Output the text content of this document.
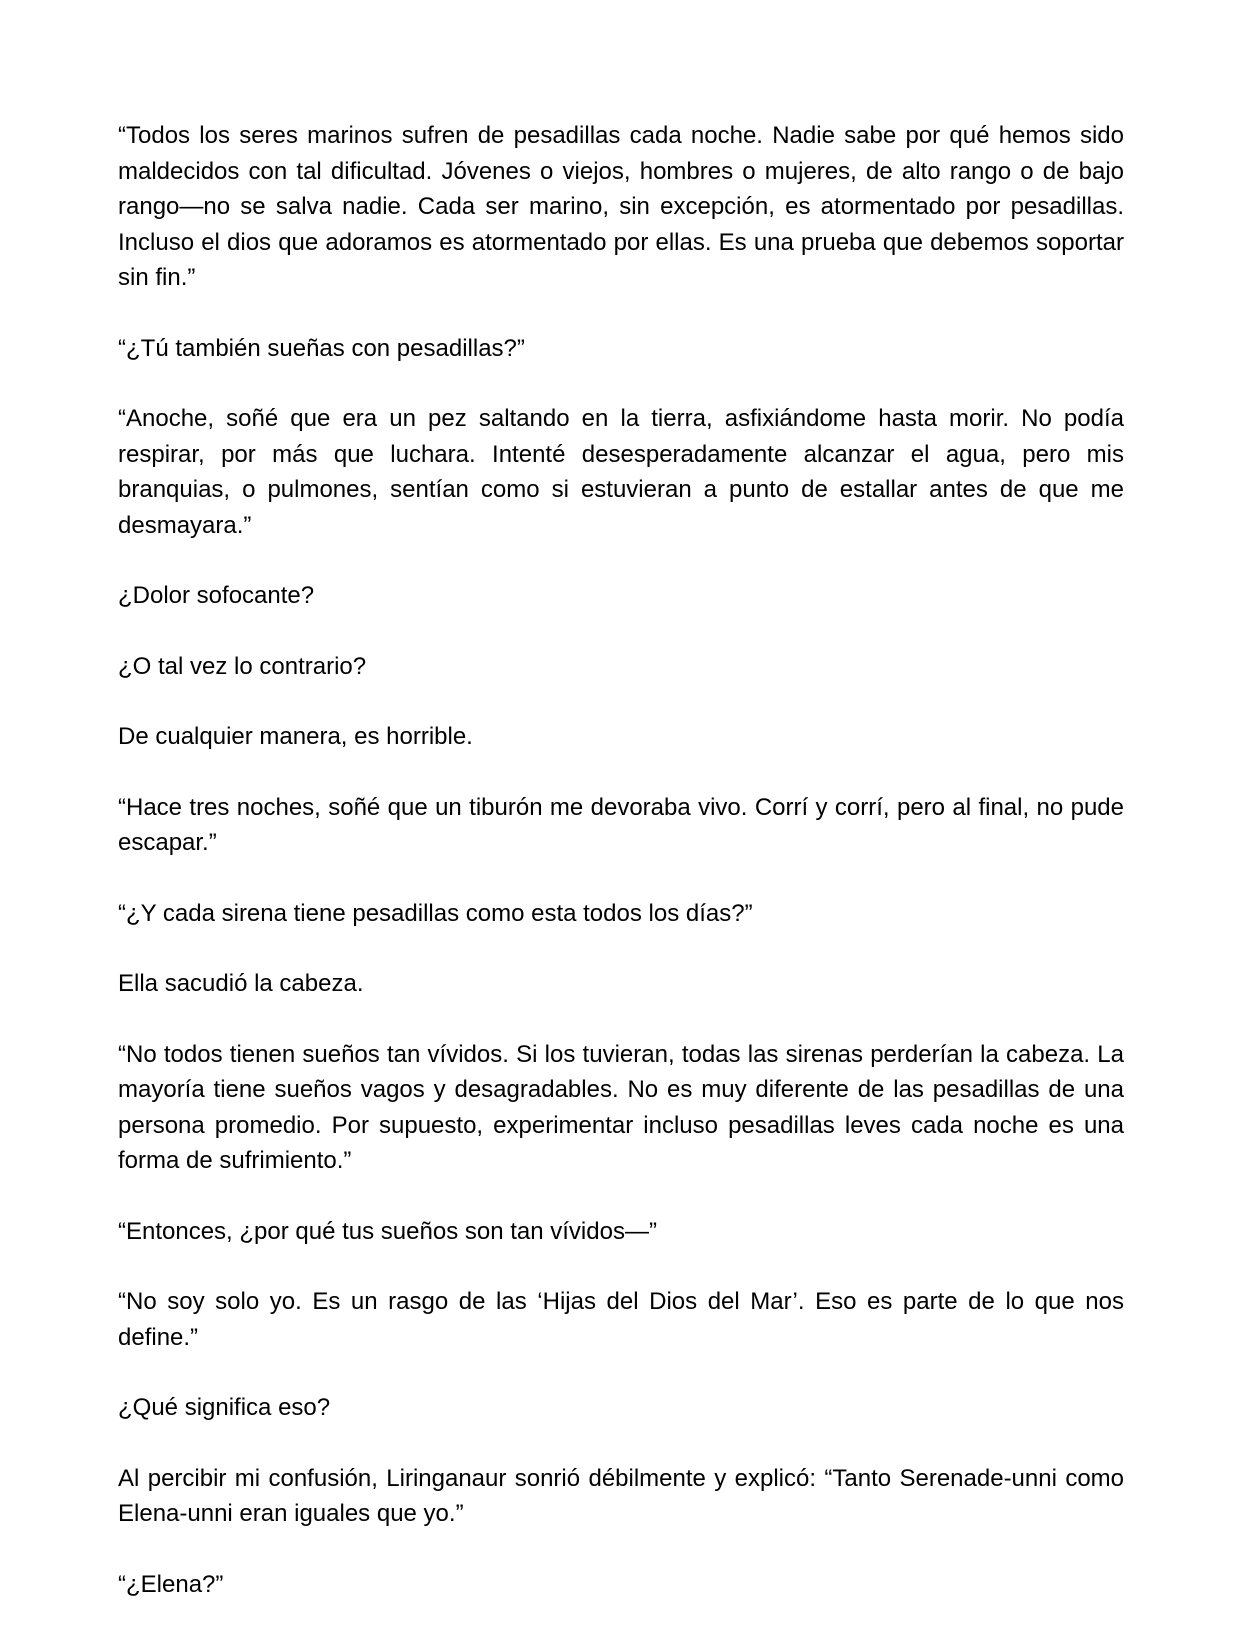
“Todos los seres marinos sufren de pesadillas cada noche. Nadie sabe por qué hemos sido maldecidos con tal dificultad. Jóvenes o viejos, hombres o mujeres, de alto rango o de bajo rango—no se salva nadie. Cada ser marino, sin excepción, es atormentado por pesadillas. Incluso el dios que adoramos es atormentado por ellas. Es una prueba que debemos soportar sin fin.”

“¿Tú también sueñas con pesadillas?”

“Anoche, soñé que era un pez saltando en la tierra, asfixiándome hasta morir. No podía respirar, por más que luchara. Intenté desesperadamente alcanzar el agua, pero mis branquias, o pulmones, sentían como si estuvieran a punto de estallar antes de que me desmayara.”

¿Dolor sofocante?

¿O tal vez lo contrario?

De cualquier manera, es horrible.

“Hace tres noches, soñé que un tiburón me devoraba vivo. Corrí y corrí, pero al final, no pude escapar.”

“¿Y cada sirena tiene pesadillas como esta todos los días?”

Ella sacudió la cabeza.

“No todos tienen sueños tan vívidos. Si los tuvieran, todas las sirenas perderían la cabeza. La mayoría tiene sueños vagos y desagradables. No es muy diferente de las pesadillas de una persona promedio. Por supuesto, experimentar incluso pesadillas leves cada noche es una forma de sufrimiento.”

“Entonces, ¿por qué tus sueños son tan vívidos—”

“No soy solo yo. Es un rasgo de las ‘Hijas del Dios del Mar’. Eso es parte de lo que nos define.”

¿Qué significa eso?

Al percibir mi confusión, Liringanaur sonrió débilmente y explicó: “Tanto Serenade-unni como Elena-unni eran iguales que yo.”

“¿Elena?”
